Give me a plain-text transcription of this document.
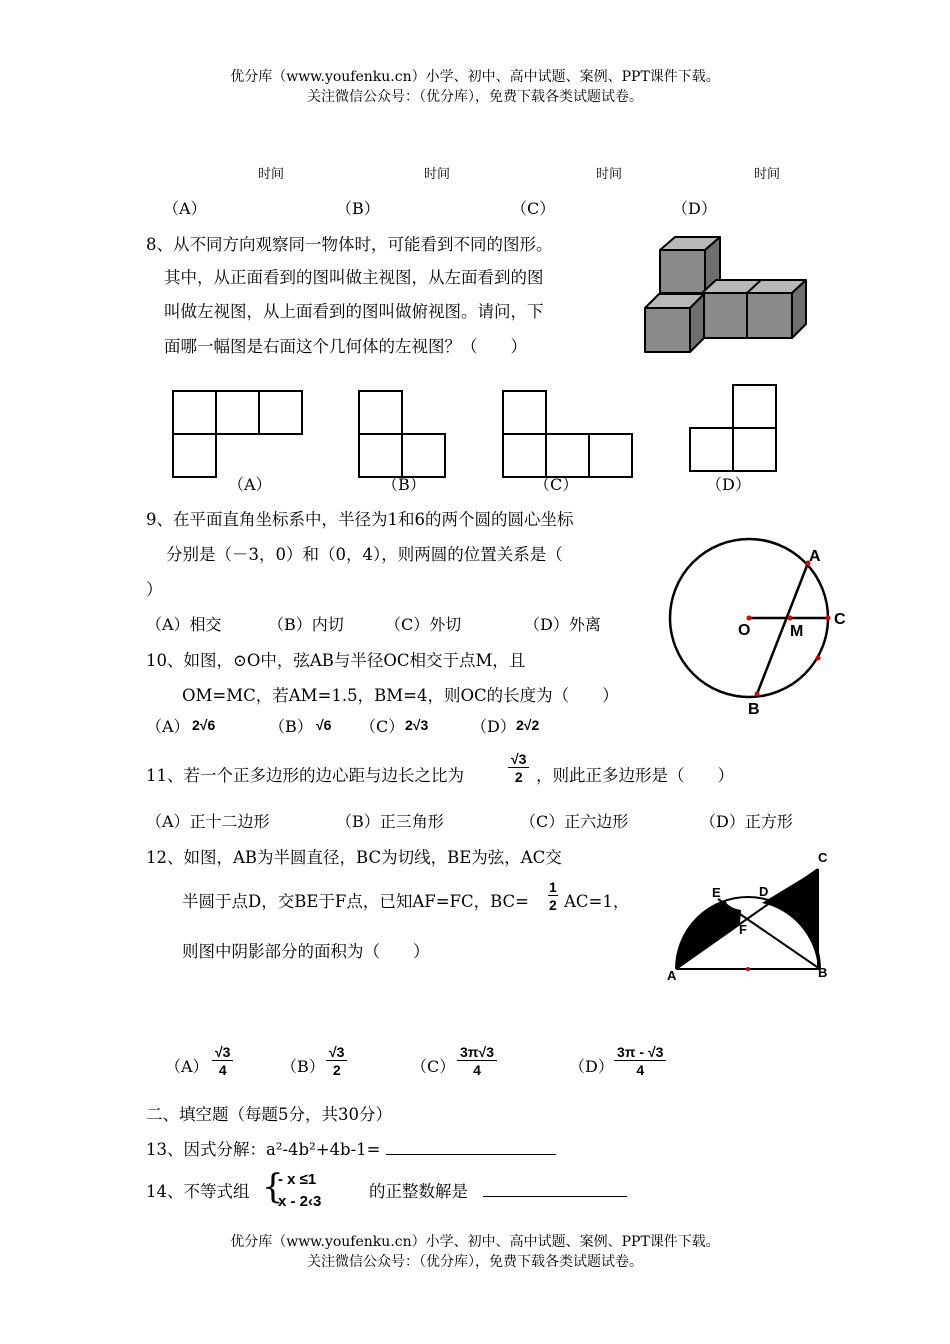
优分库（www.youfenku.cn）小学、初中、高中试题、案例、PPT课件下载。
关注微信公众号：（优分库），免费下载各类试题试卷。
时间	时间	时间	时间
（A）	（B）	（C）	（D）
8、从不同方向观察同一物体时，可能看到不同的图形。
其中，从正面看到的图叫做主视图，从左面看到的图
叫做左视图，从上面看到的图叫做俯视图。请问，下
面哪一幅图是右面这个几何体的左视图？（　　）
（A）	（B）	（C）	（D）
9、在平面直角坐标系中，半径为1和6的两个圆的圆心坐标
分别是（－3，0）和（0，4），则两圆的位置关系是（
）
（A）相交	（B）内切	（C）外切	（D）外离
A
C
O M
B
10、如图，⊙O中，弦AB与半径OC相交于点M，且
OM=MC，若AM=1.5，BM=4，则OC的长度为（　　）
（A） 2√6	（B） √6 （C） 2√3	（D） 2√2
11、若一个正多边形的边心距与边长之比为	$\frac{√3}{2}$ ，则此正多边形是（　　）
（A）正十二边形	（B）正三角形	（C）正六边形	（D）正方形
12、如图，AB为半圆直径，BC为切线，BE为弦，AC交
半圆于点D，交BE于F点，已知AF=FC，$BC= \frac{1}{2} AC=1$，
则图中阴影部分的面积为（　　）
A	B
C
D
E
F
$(A) \frac{√3}{4}$	$(B) \frac{√3}{2}$	$(C) \frac{3\pi√3}{4}$	$(D) \frac{3\pi - √3}{4}$
二、填空题（每题5分，共30分）
13、因式分解：a²-4b²+4b-1=
14、不等式组 {
- x ≤1
x - 2‹3
的正整数解是
优分库（www.youfenku.cn）小学、初中、高中试题、案例、PPT课件下载。
关注微信公众号：（优分库），免费下载各类试题试卷。
